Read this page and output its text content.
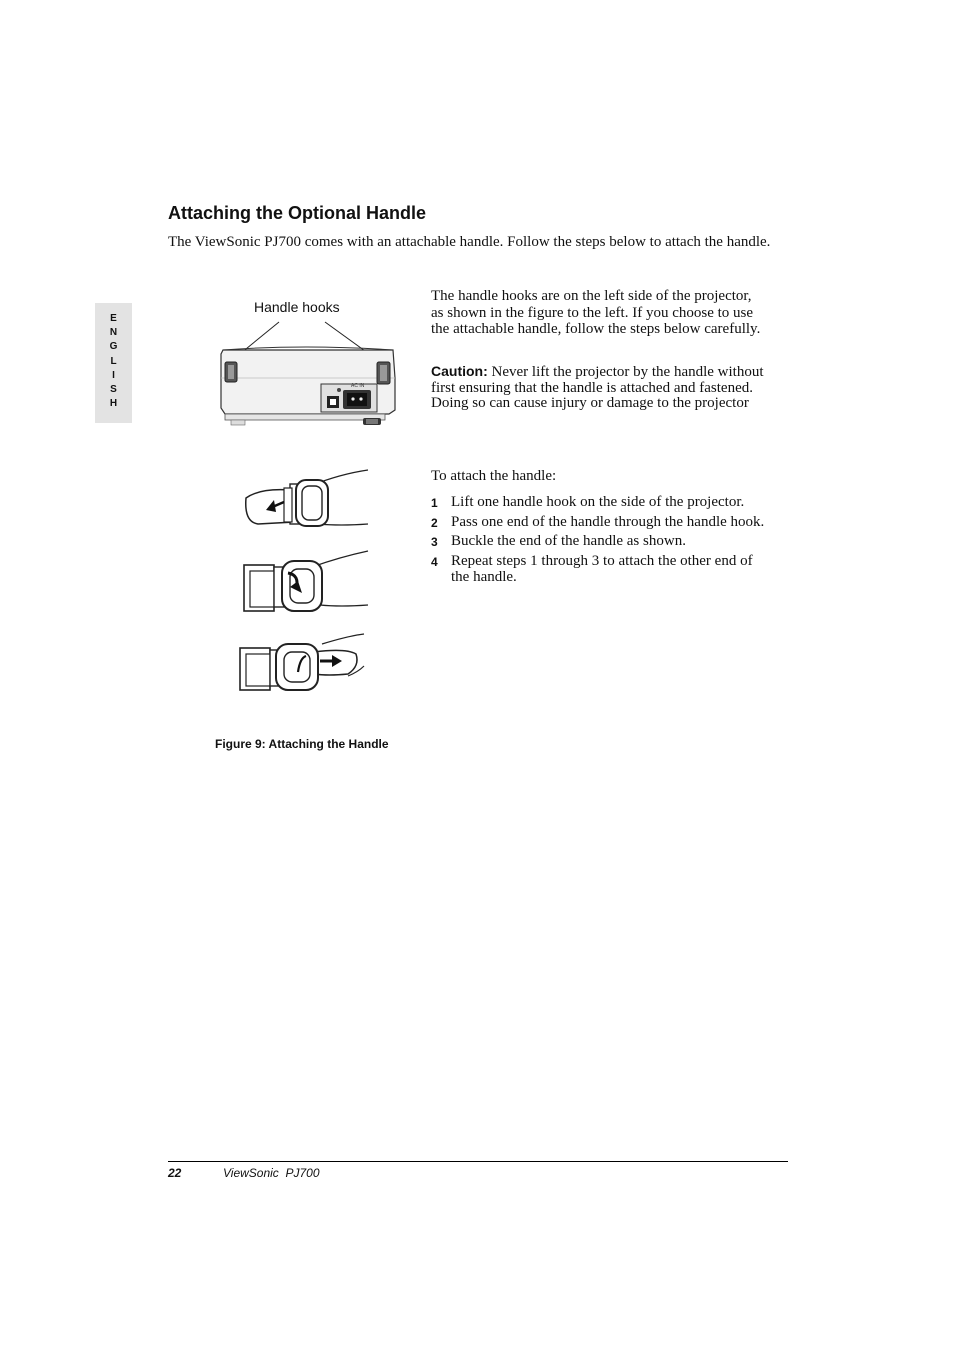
E
N
G
L
I
S
H
Attaching the Optional Handle
The ViewSonic PJ700 comes with an attachable handle. Follow the steps below to attach the handle.
Handle hooks
AC IN
Figure 9: Attaching the Handle
The handle hooks are on the left side of the projector, as shown in the figure to the left. If you choose to use the attachable handle, follow the steps below carefully.
Caution: Never lift the projector by the handle without first ensuring that the handle is attached and fastened. Doing so can cause injury or damage to the projector
To attach the handle:
1 Lift one handle hook on the side of the projector.
2 Pass one end of the handle through the handle hook.
3 Buckle the end of the handle as shown.
4 Repeat steps 1 through 3 to attach the other end of the handle.
22	ViewSonic  PJ700
